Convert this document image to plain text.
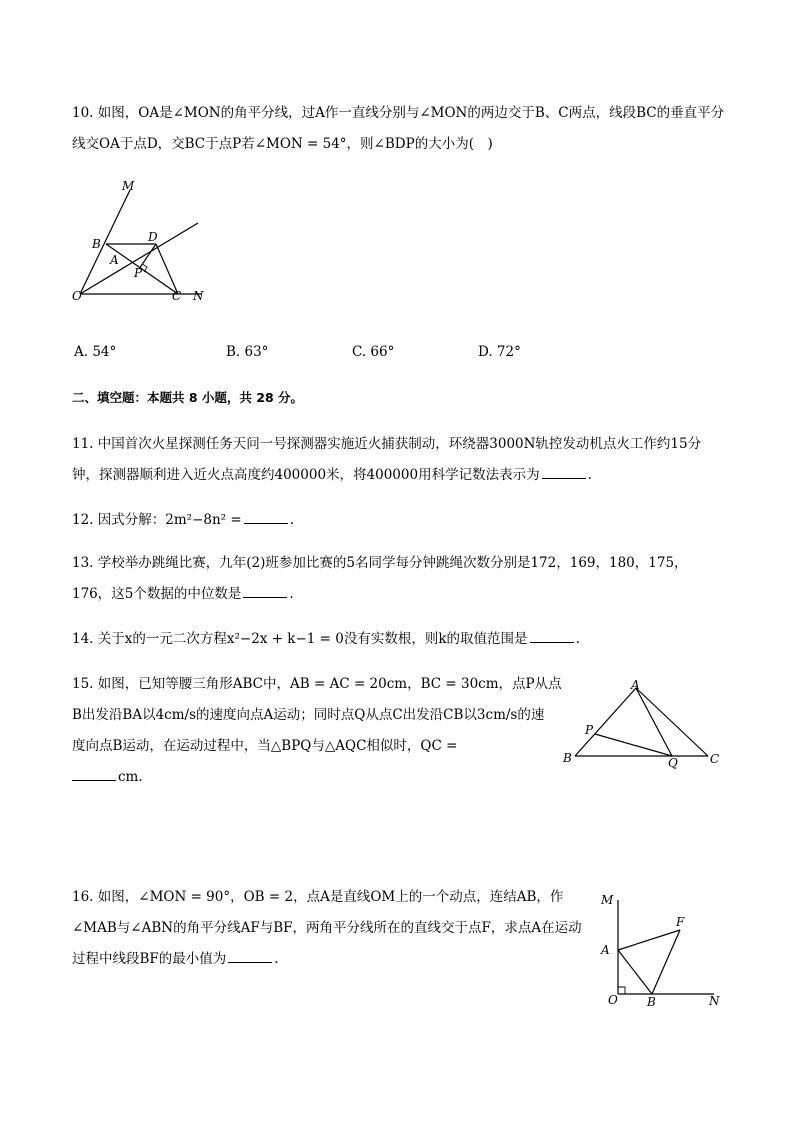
10. 如图，OA是∠MON的角平分线，过A作一直线分别与∠MON的两边交于B、C两点，线段BC的垂直平分
线交OA于点D，交BC于点P若∠MON = 54°，则∠BDP的大小为(　)
M
B	D
A
P
O	C N
A. 54°	B. 63°	C. 66°	D. 72°
二、填空题：本题共 8 小题，共 28 分。
11. 中国首次火星探测任务天问一号探测器实施近火捕获制动，环绕器3000N轨控发动机点火工作约15分
钟，探测器顺利进入近火点高度约400000米，将400000用科学记数法表示为	.
12. 因式分解：2m²−8n² =	.
13. 学校举办跳绳比赛，九年(2)班参加比赛的5名同学每分钟跳绳次数分别是172，169，180，175，
176，这5个数据的中位数是	.
14. 关于x的一元二次方程x²−2x + k−1 = 0没有实数根，则k的取值范围是	.
15. 如图，已知等腰三角形ABC中，AB = AC = 20cm，BC = 30cm，点P从点
B出发沿BA以4cm/s的速度向点A运动；同时点Q从点C出发沿CB以3cm/s的速
度向点B运动，在运动过程中，当△BPQ与△AQC相似时，QC =
cm.
A
P
B	Q	C
16. 如图，∠MON = 90°，OB = 2，点A是直线OM上的一个动点，连结AB，作
∠MAB与∠ABN的角平分线AF与BF，两角平分线所在的直线交于点F，求点A在运动
过程中线段BF的最小值为	.
M
F
A
O B	N
